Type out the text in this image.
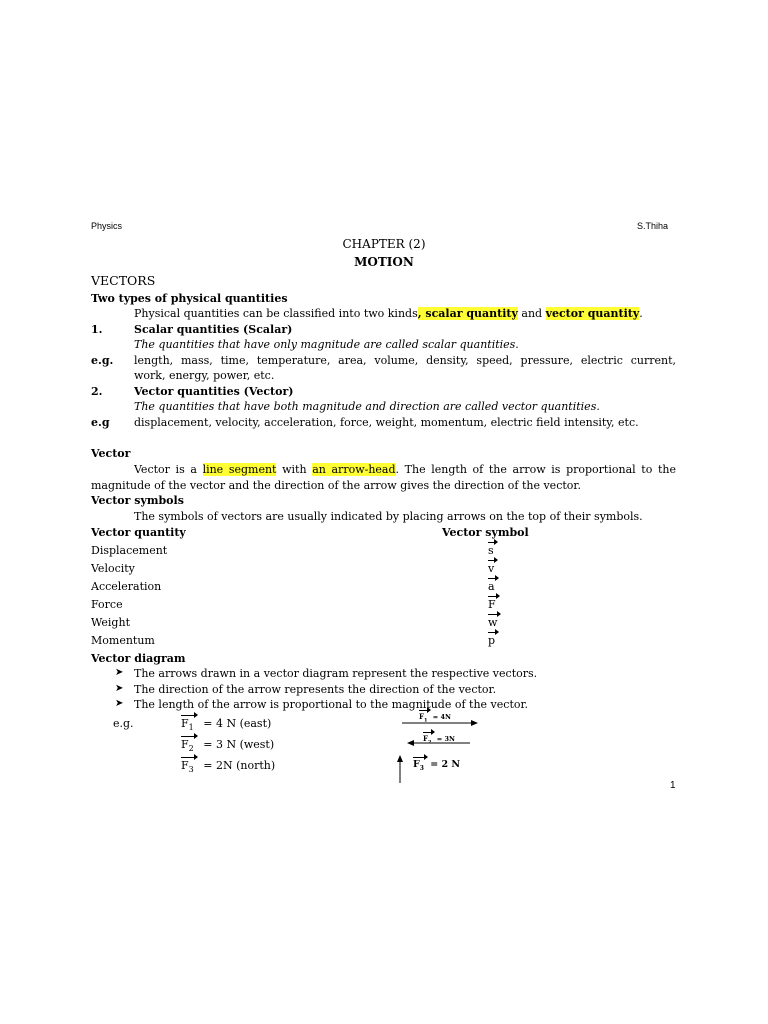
Physics	S.Thiha
CHAPTER (2)
MOTION
VECTORS
Two types of physical quantities
Physical quantities can be classified into two kinds, scalar quantity and vector quantity.
1.	Scalar quantities (Scalar)
The quantities that have only magnitude are called scalar quantities.
e.g. length, mass, time, temperature, area, volume, density, speed, pressure, electric current,
work, energy, power, etc.
2.	Vector quantities (Vector)
The quantities that have both magnitude and direction are called vector quantities.
e.g displacement, velocity, acceleration, force, weight, momentum, electric field intensity, etc.
Vector
Vector is a line segment with an arrow-head. The length of the arrow is proportional to the
magnitude of the vector and the direction of the arrow gives the direction of the vector.
Vector symbols
The symbols of vectors are usually indicated by placing arrows on the top of their symbols.
Vector quantity	Vector symbol
Displacement	s
Velocity	v
Acceleration	a
Force	F
Weight	w
Momentum	p
Vector diagram
➤ The arrows drawn in a vector diagram represent the respective vectors.
➤ The direction of the arrow represents the direction of the vector.
➤ The length of the arrow is proportional to the magnitude of the vector.
e.g.	$F_1 = 4$ N (east)
$F_2 = 3$ N (west)
$F_3 = 2N$ (north)
$F_1 = 4N$
$F_2 = 3N$
$F_3 = 2$ N
1
